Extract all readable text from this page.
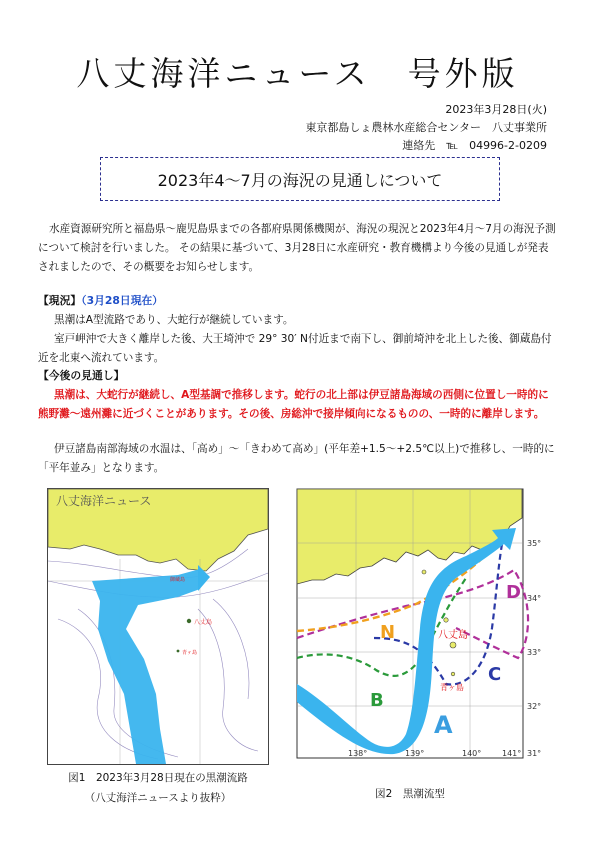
八丈海洋ニュース　号外版
2023年3月28日(火)
東京都島しょ農林水産総合センター　八丈事業所
連絡先　℡　04996-2-0209
2023年4～7月の海況の見通しについて
水産資源研究所と福島県～鹿児島県までの各都府県関係機関が、海況の現況と2023年4月～7月の海況予測について検討を行いました。 その結果に基づいて、3月28日に水産研究・教育機構より今後の見通しが発表されましたので、その概要をお知らせします。
【現況】（3月28日現在）
黒潮はA型流路であり、大蛇行が継続しています。
室戸岬沖で大きく離岸した後、大王埼沖で 29° 30′ N付近まで南下し、御前埼沖を北上した後、御蔵島付近を北東へ流れています。
【今後の見通し】
黒潮は、大蛇行が継続し、A型基調で推移します。蛇行の北上部は伊豆諸島海域の西側に位置し一時的に熊野灘～遠州灘に近づくことがあります。その後、房総沖で接岸傾向になるものの、一時的に離岸します。
伊豆諸島南部海域の水温は、「高め」～「きわめて高め」(平年差+1.5～+2.5℃以上)で推移し、一時的に「平年並み」となります。
八丈海洋ニュース
八丈島
青ヶ島
御蔵島
図1　2023年3月28日現在の黒潮流路
（八丈海洋ニュースより抜粋）
A
B
C
D
N	八丈島
青ヶ島
35°
34°
33°
32°
31°
138°	139°	140°	141°
図2　黒潮流型
